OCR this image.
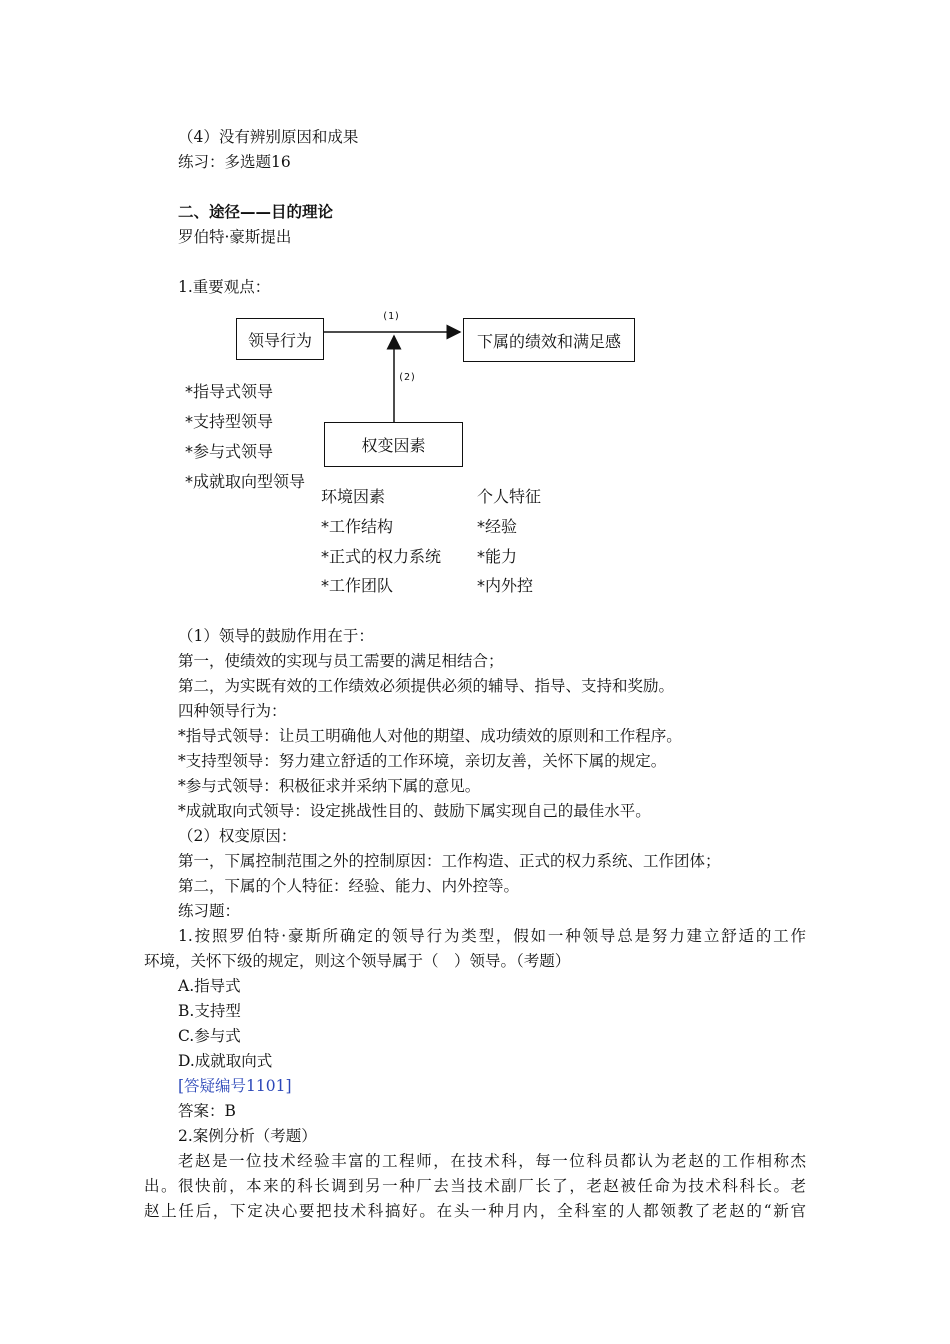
（4）没有辨别原因和成果
练习：多选题16
二、途径——目的理论
罗伯特·豪斯提出
1.重要观点：
领导行为	下属的绩效和满足感
权变因素
(1)
(2)
*指导式领导
*支持型领导
*参与式领导
*成就取向型领导
环境因素
*工作结构
*正式的权力系统
*工作团队
个人特征
*经验
*能力
*内外控
（1）领导的鼓励作用在于：
第一，使绩效的实现与员工需要的满足相结合；
第二，为实既有效的工作绩效必须提供必须的辅导、指导、支持和奖励。
四种领导行为：
*指导式领导：让员工明确他人对他的期望、成功绩效的原则和工作程序。
*支持型领导：努力建立舒适的工作环境，亲切友善，关怀下属的规定。
*参与式领导：积极征求并采纳下属的意见。
*成就取向式领导：设定挑战性目的、鼓励下属实现自己的最佳水平。
（2）权变原因：
第一，下属控制范围之外的控制原因：工作构造、正式的权力系统、工作团体；
第二，下属的个人特征：经验、能力、内外控等。
练习题：
1.按照罗伯特·豪斯所确定的领导行为类型，假如一种领导总是努力建立舒适的工作
环境，关怀下级的规定，则这个领导属于（　）领导。（考题）
A.指导式
B.支持型
C.参与式
D.成就取向式
[答疑编号1101]
答案：B
2.案例分析（考题）
老赵是一位技术经验丰富的工程师，在技术科，每一位科员都认为老赵的工作相称杰
出。很快前，本来的科长调到另一种厂去当技术副厂长了，老赵被任命为技术科科长。老
赵上任后，下定决心要把技术科搞好。在头一种月内，全科室的人都领教了老赵的“新官
